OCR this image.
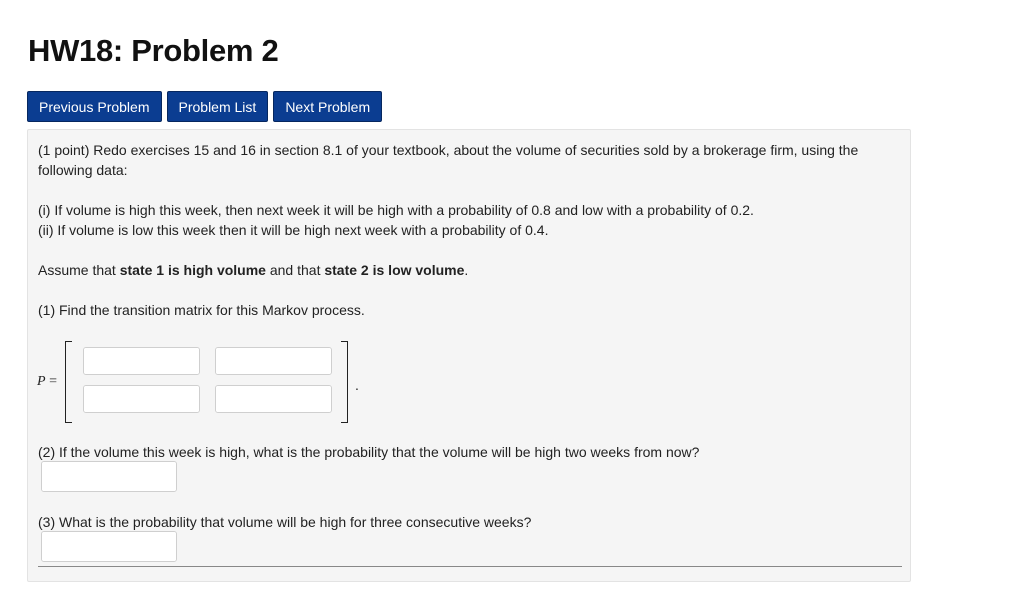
HW18: Problem 2
Previous Problem	Problem List	Next Problem

(1 point) Redo exercises 15 and 16 in section 8.1 of your textbook, about the volume of securities sold by a brokerage firm, using the following data:

(i) If volume is high this week, then next week it will be high with a probability of 0.8 and low with a probability of 0.2.

(ii) If volume is low this week then it will be high next week with a probability of 0.4.

Assume that state 1 is high volume and that state 2 is low volume.

(1) Find the transition matrix for this Markov process.

P =	.

(2) If the volume this week is high, what is the probability that the volume will be high two weeks from now?

(3) What is the probability that volume will be high for three consecutive weeks?
